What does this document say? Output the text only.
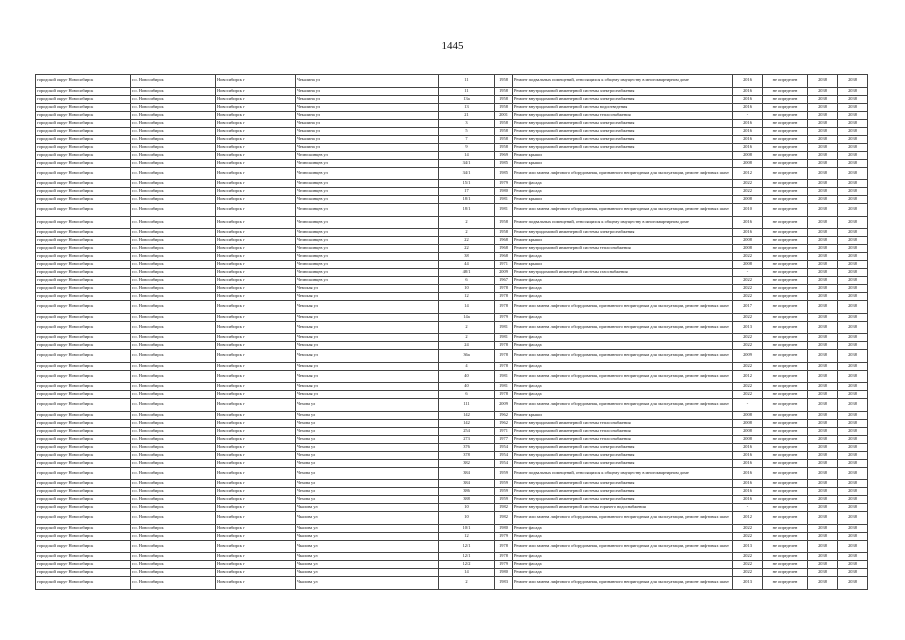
1445
городской округ Новосибирск	г.о. Новосибирск	Новосибирск г	Чекалина ул	11	1958	Ремонт подвальных помещений, относящихся к общему имуществу в многоквартирном доме	2016	не определен	2038	2038
городской округ Новосибирск	г.о. Новосибирск	Новосибирск г	Чекалина ул	11	1958	Ремонт внутридомовой инженерной системы электроснабжения	2016	не определен	2038	2038
городской округ Новосибирск	г.о. Новосибирск	Новосибирск г	Чекалина ул	13а	1958	Ремонт внутридомовой инженерной системы электроснабжения	2016	не определен	2038	2038
городской округ Новосибирск	г.о. Новосибирск	Новосибирск г	Чекалина ул	13	1958	Ремонт внутридомовой инженерной системы водоотведения	2016	не определен	2038	2038
городской округ Новосибирск	г.о. Новосибирск	Новосибирск г	Чекалина ул	21	2001	Ремонт внутридомовой инженерной системы теплоснабжения	-	не определен	2038	2038
городской округ Новосибирск	г.о. Новосибирск	Новосибирск г	Чекалина ул	3	1958	Ремонт внутридомовой инженерной системы электроснабжения	2016	не определен	2038	2038
городской округ Новосибирск	г.о. Новосибирск	Новосибирск г	Чекалина ул	5	1958	Ремонт внутридомовой инженерной системы электроснабжения	2016	не определен	2038	2038
городской округ Новосибирск	г.о. Новосибирск	Новосибирск г	Чекалина ул	7	1958	Ремонт внутридомовой инженерной системы электроснабжения	2016	не определен	2038	2038
городской округ Новосибирск	г.о. Новосибирск	Новосибирск г	Чекалина ул	9	1958	Ремонт внутридомовой инженерной системы электроснабжения	2016	не определен	2038	2038
городской округ Новосибирск	г.о. Новосибирск	Новосибирск г	Челюскинцев ул	14	1969	Ремонт крыши	2008	не определен	2038	2038
городской округ Новосибирск	г.о. Новосибирск	Новосибирск г	Челюскинцев ул	34/1	1985	Ремонт крыши	2008	не определен	2038	2038
городской округ Новосибирск	г.о. Новосибирск	Новосибирск г	Челюскинцев ул	34/1	1985	Ремонт или замена лифтового оборудования, признанного непригодным для эксплуатации, ремонт лифтовых шахт	2012	не определен	2038	2038
городской округ Новосибирск	г.о. Новосибирск	Новосибирск г	Челюскинцев ул	15/1	1979	Ремонт фасада	2022	не определен	2038	2038
городской округ Новосибирск	г.о. Новосибирск	Новосибирск г	Челюскинцев ул	17	1980	Ремонт фасада	2022	не определен	2038	2038
городской округ Новосибирск	г.о. Новосибирск	Новосибирск г	Челюскинцев ул	18/1	1981	Ремонт крыши	2008	не определен	2038	2038
городской округ Новосибирск	г.о. Новосибирск	Новосибирск г	Челюскинцев ул	18/1	1981	Ремонт или замена лифтового оборудования, признанного непригодным для эксплуатации, ремонт лифтовых шахт	2010	не определен	2038	2038
городской округ Новосибирск	г.о. Новосибирск	Новосибирск г	Челюскинцев ул	2	1958	Ремонт подвальных помещений, относящихся к общему имуществу в многоквартирном доме	2016	не определен	2038	2038
городской округ Новосибирск	г.о. Новосибирск	Новосибирск г	Челюскинцев ул	2	1958	Ремонт внутридомовой инженерной системы электроснабжения	2016	не определен	2038	2038
городской округ Новосибирск	г.о. Новосибирск	Новосибирск г	Челюскинцев ул	22	1968	Ремонт крыши	2008	не определен	2038	2038
городской округ Новосибирск	г.о. Новосибирск	Новосибирск г	Челюскинцев ул	22	1968	Ремонт внутридомовой инженерной системы теплоснабжения	2008	не определен	2038	2038
городской округ Новосибирск	г.о. Новосибирск	Новосибирск г	Челюскинцев ул	38	1968	Ремонт фасада	2022	не определен	2038	2038
городской округ Новосибирск	г.о. Новосибирск	Новосибирск г	Челюскинцев ул	44	1971	Ремонт крыши	2008	не определен	2038	2038
городской округ Новосибирск	г.о. Новосибирск	Новосибирск г	Челюскинцев ул	48/1	2009	Ремонт внутридомовой инженерной системы газоснабжения	-	не определен	2038	2038
городской округ Новосибирск	г.о. Новосибирск	Новосибирск г	Челюскинцев ул	6	1967	Ремонт фасада	2022	не определен	2038	2038
городской округ Новосибирск	г.о. Новосибирск	Новосибирск г	Чемская ул	10	1978	Ремонт фасада	2022	не определен	2038	2038
городской округ Новосибирск	г.о. Новосибирск	Новосибирск г	Чемская ул	12	1978	Ремонт фасада	2022	не определен	2038	2038
городской округ Новосибирск	г.о. Новосибирск	Новосибирск г	Чемская ул	14	1978	Ремонт или замена лифтового оборудования, признанного непригодным для эксплуатации, ремонт лифтовых шахт	2017	не определен	2038	2038
городской округ Новосибирск	г.о. Новосибирск	Новосибирск г	Чемская ул	14а	1979	Ремонт фасада	2022	не определен	2038	2038
городской округ Новосибирск	г.о. Новосибирск	Новосибирск г	Чемская ул	2	1981	Ремонт или замена лифтового оборудования, признанного непригодным для эксплуатации, ремонт лифтовых шахт	2013	не определен	2038	2038
городской округ Новосибирск	г.о. Новосибирск	Новосибирск г	Чемская ул	2	1981	Ремонт фасада	2022	не определен	2038	2038
городской округ Новосибирск	г.о. Новосибирск	Новосибирск г	Чемская ул	24	1978	Ремонт фасада	2022	не определен	2038	2038
городской округ Новосибирск	г.о. Новосибирск	Новосибирск г	Чемская ул	36а	1978	Ремонт или замена лифтового оборудования, признанного непригодным для эксплуатации, ремонт лифтовых шахт	2009	не определен	2038	2038
городской округ Новосибирск	г.о. Новосибирск	Новосибирск г	Чемская ул	4	1978	Ремонт фасада	2022	не определен	2038	2038
городской округ Новосибирск	г.о. Новосибирск	Новосибирск г	Чемская ул	40	1981	Ремонт или замена лифтового оборудования, признанного непригодным для эксплуатации, ремонт лифтовых шахт	2012	не определен	2038	2038
городской округ Новосибирск	г.о. Новосибирск	Новосибирск г	Чемская ул	40	1981	Ремонт фасада	2022	не определен	2038	2038
городской округ Новосибирск	г.о. Новосибирск	Новосибирск г	Чемская ул	6	1978	Ремонт фасада	2022	не определен	2038	2038
городской округ Новосибирск	г.о. Новосибирск	Новосибирск г	Чехова ул	111	2009	Ремонт или замена лифтового оборудования, признанного непригодным для эксплуатации, ремонт лифтовых шахт	-	не определен	2038	2038
городской округ Новосибирск	г.о. Новосибирск	Новосибирск г	Чехова ул	142	1962	Ремонт крыши	2008	не определен	2038	2038
городской округ Новосибирск	г.о. Новосибирск	Новосибирск г	Чехова ул	142	1962	Ремонт внутридомовой инженерной системы теплоснабжения	2008	не определен	2038	2038
городской округ Новосибирск	г.о. Новосибирск	Новосибирск г	Чехова ул	254	1971	Ремонт внутридомовой инженерной системы теплоснабжения	2008	не определен	2038	2038
городской округ Новосибирск	г.о. Новосибирск	Новосибирск г	Чехова ул	273	1977	Ремонт внутридомовой инженерной системы теплоснабжения	2008	не определен	2038	2038
городской округ Новосибирск	г.о. Новосибирск	Новосибирск г	Чехова ул	376	1954	Ремонт внутридомовой инженерной системы электроснабжения	2016	не определен	2038	2038
городской округ Новосибирск	г.о. Новосибирск	Новосибирск г	Чехова ул	378	1954	Ремонт внутридомовой инженерной системы электроснабжения	2016	не определен	2038	2038
городской округ Новосибирск	г.о. Новосибирск	Новосибирск г	Чехова ул	382	1954	Ремонт внутридомовой инженерной системы электроснабжения	2016	не определен	2038	2038
городской округ Новосибирск	г.о. Новосибирск	Новосибирск г	Чехова ул	384	1959	Ремонт подвальных помещений, относящихся к общему имуществу в многоквартирном доме	2016	не определен	2038	2038
городской округ Новосибирск	г.о. Новосибирск	Новосибирск г	Чехова ул	384	1959	Ремонт внутридомовой инженерной системы электроснабжения	2016	не определен	2038	2038
городской округ Новосибирск	г.о. Новосибирск	Новосибирск г	Чехова ул	386	1959	Ремонт внутридомовой инженерной системы электроснабжения	2016	не определен	2038	2038
городской округ Новосибирск	г.о. Новосибирск	Новосибирск г	Чехова ул	388	1959	Ремонт внутридомовой инженерной системы электроснабжения	2016	не определен	2038	2038
городской округ Новосибирск	г.о. Новосибирск	Новосибирск г	Чкалова ул	10	1982	Ремонт внутридомовой инженерной системы горячего водоснабжения	-	не определен	2038	2038
городской округ Новосибирск	г.о. Новосибирск	Новосибирск г	Чкалова ул	10	1982	Ремонт или замена лифтового оборудования, признанного непригодным для эксплуатации, ремонт лифтовых шахт	2012	не определен	2038	2038
городской округ Новосибирск	г.о. Новосибирск	Новосибирск г	Чкалова ул	10/1	1980	Ремонт фасада	2022	не определен	2038	2038
городской округ Новосибирск	г.о. Новосибирск	Новосибирск г	Чкалова ул	12	1979	Ремонт фасада	2022	не определен	2038	2038
городской округ Новосибирск	г.о. Новосибирск	Новосибирск г	Чкалова ул	12/1	1978	Ремонт или замена лифтового оборудования, признанного непригодным для эксплуатации, ремонт лифтовых шахт	2013	не определен	2038	2038
городской округ Новосибирск	г.о. Новосибирск	Новосибирск г	Чкалова ул	12/1	1978	Ремонт фасада	2022	не определен	2038	2038
городской округ Новосибирск	г.о. Новосибирск	Новосибирск г	Чкалова ул	12/2	1979	Ремонт фасада	2022	не определен	2038	2038
городской округ Новосибирск	г.о. Новосибирск	Новосибирск г	Чкалова ул	14	1980	Ремонт фасада	2022	не определен	2038	2038
городской округ Новосибирск	г.о. Новосибирск	Новосибирск г	Чкалова ул	2	1983	Ремонт или замена лифтового оборудования, признанного непригодным для эксплуатации, ремонт лифтовых шахт	2013	не определен	2038	2038
